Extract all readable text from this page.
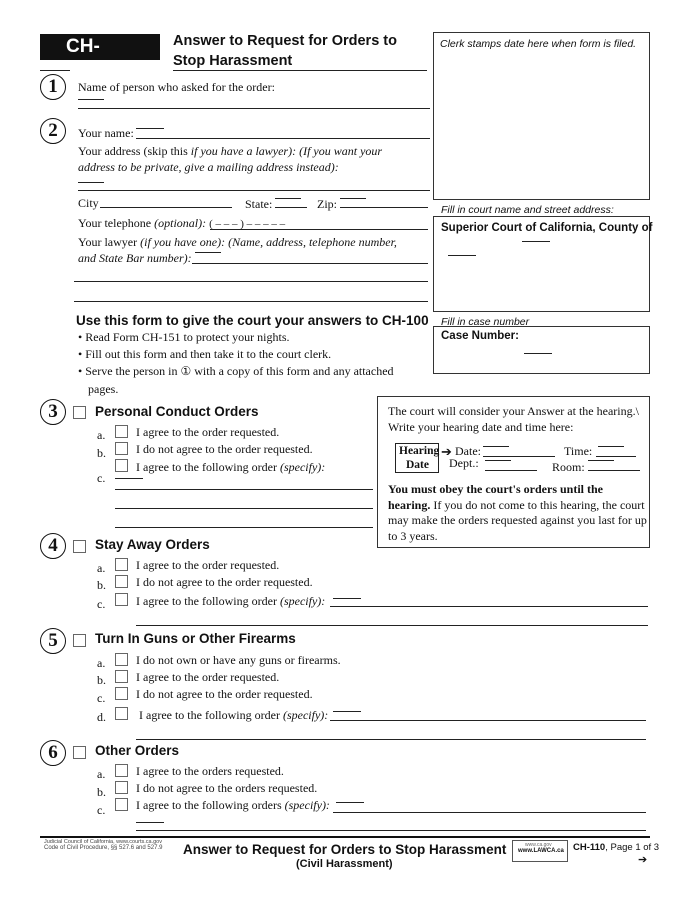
CH-	Answer to Request for Orders to
Stop Harassment
Clerk stamps date here when form is filed.
Fill in court name and street address:
Superior Court of California, County of
Fill in case number
Case Number:
1	Name of person who asked for the order:
2	Your name:
Your address (skip this if you have a lawyer): (If you want your
address to be private, give a mailing address instead):
City	State:	Zip:
Your telephone (optional): ( – – – ) – – – – –
Your lawyer (if you have one): (Name, address, telephone number,
and State Bar number):
Use this form to give the court your answers to CH-100
• Read Form CH-151 to protect your nights.
• Fill out this form and then take it to the court clerk.
• Serve the person in ① with a copy of this form and any attached
pages.
The court will consider your Answer at the hearing.\
Write your hearing date and time here:
Hearing
Date
➔ Date:	Time:
Dept.:	Room:
You must obey the court's orders until the
hearing. If you do not come to this hearing, the court
may make the orders requested against you last for up
to 3 years.
3	Personal Conduct Orders
a.	I agree to the order requested.
b.	I do not agree to the order requested.
I agree to the following order (specify):
c.
4	Stay Away Orders
a.	I agree to the order requested.
b.	I do not agree to the order requested.
c.	I agree to the following order (specify):
5	Turn In Guns or Other Firearms
a.	I do not own or have any guns or firearms.
b.	I agree to the order requested.
c.	I do not agree to the order requested.
d.	I agree to the following order (specify):
6	Other Orders
a.	I agree to the orders requested.
b.	I do not agree to the orders requested.
c.	I agree to the following orders (specify):
Judicial Council of California, www.courts.ca.gov
Code of Civil Procedure, §§ 527.6 and 527.9 Answer to Request for Orders to Stop Harassment
(Civil Harassment)
www.ca.gov
www.LAWCA.ca CH-110, Page 1 of 3
➔
